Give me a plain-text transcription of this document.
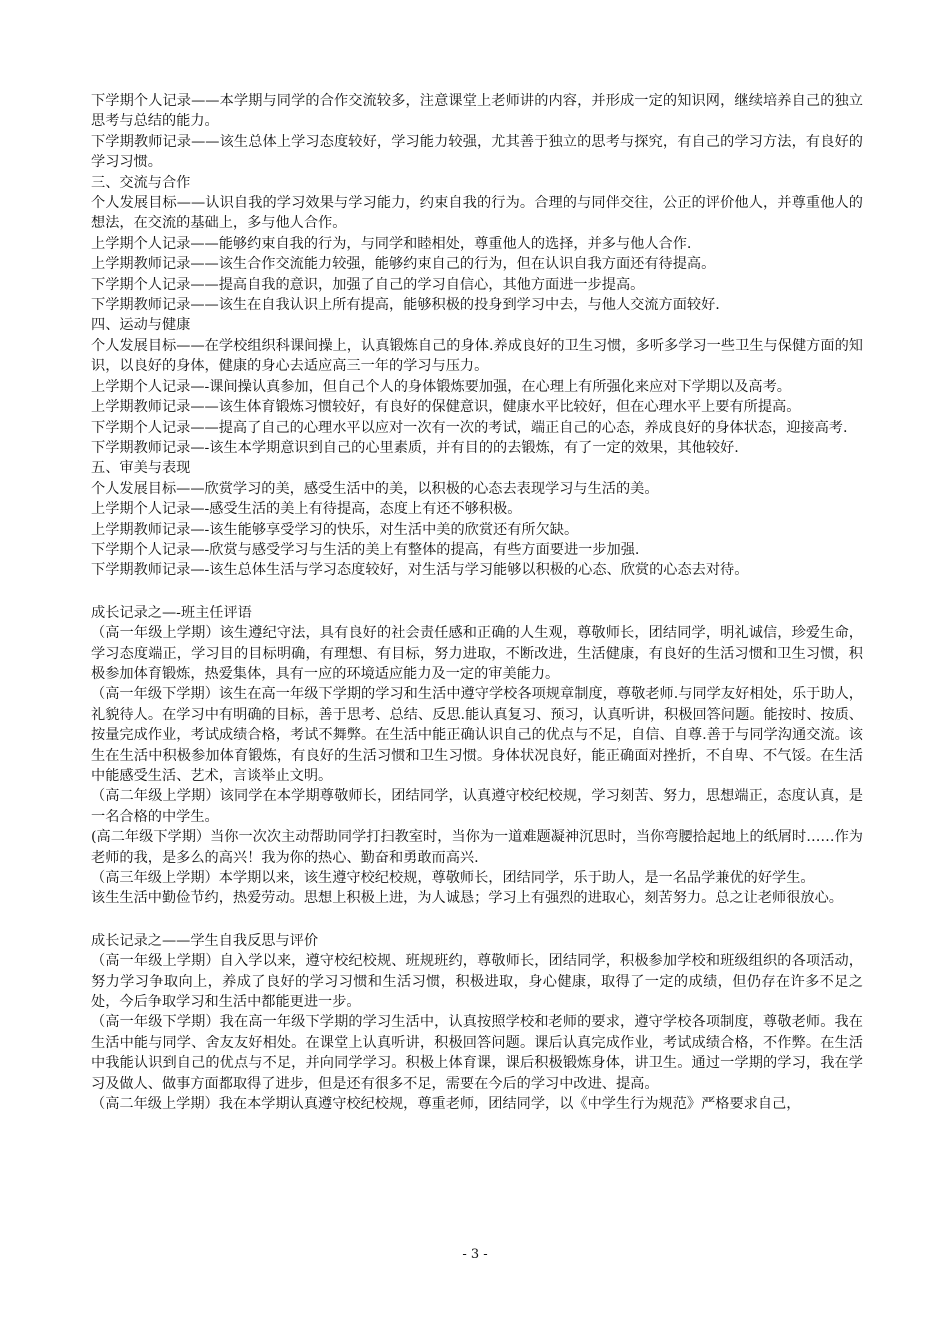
下学期个人记录——本学期与同学的合作交流较多，注意课堂上老师讲的内容，并形成一定的知识网，继续培养自己的独立思考与总结的能力。

下学期教师记录——该生总体上学习态度较好，学习能力较强，尤其善于独立的思考与探究，有自己的学习方法，有良好的学习习惯。

三、交流与合作

个人发展目标——认识自我的学习效果与学习能力，约束自我的行为。合理的与同伴交往，公正的评价他人，并尊重他人的想法，在交流的基础上，多与他人合作。

上学期个人记录——能够约束自我的行为，与同学和睦相处，尊重他人的选择，并多与他人合作.

上学期教师记录——该生合作交流能力较强，能够约束自己的行为，但在认识自我方面还有待提高。

下学期个人记录——提高自我的意识，加强了自己的学习自信心，其他方面进一步提高。

下学期教师记录——该生在自我认识上所有提高，能够积极的投身到学习中去，与他人交流方面较好.

四、运动与健康

个人发展目标——在学校组织科课间操上，认真锻炼自己的身体.养成良好的卫生习惯，多听多学习一些卫生与保健方面的知识，以良好的身体，健康的身心去适应高三一年的学习与压力。

上学期个人记录—-课间操认真参加，但自己个人的身体锻炼要加强，在心理上有所强化来应对下学期以及高考。

上学期教师记录——该生体育锻炼习惯较好，有良好的保健意识，健康水平比较好，但在心理水平上要有所提高。

下学期个人记录——提高了自己的心理水平以应对一次有一次的考试，端正自己的心态，养成良好的身体状态，迎接高考.

下学期教师记录—-该生本学期意识到自己的心里素质，并有目的的去锻炼，有了一定的效果，其他较好.

五、审美与表现

个人发展目标——欣赏学习的美，感受生活中的美，以积极的心态去表现学习与生活的美。

上学期个人记录—-感受生活的美上有待提高，态度上有还不够积极。

上学期教师记录—-该生能够享受学习的快乐，对生活中美的欣赏还有所欠缺。

下学期个人记录—-欣赏与感受学习与生活的美上有整体的提高，有些方面要进一步加强.

下学期教师记录—-该生总体生活与学习态度较好，对生活与学习能够以积极的心态、欣赏的心态去对待。

成长记录之—-班主任评语

（高一年级上学期）该生遵纪守法，具有良好的社会责任感和正确的人生观，尊敬师长，团结同学，明礼诚信，珍爱生命，学习态度端正，学习目的目标明确，有理想、有目标，努力进取，不断改进，生活健康，有良好的生活习惯和卫生习惯，积极参加体育锻炼，热爱集体，具有一应的环境适应能力及一定的审美能力。

（高一年级下学期）该生在高一年级下学期的学习和生活中遵守学校各项规章制度，尊敬老师.与同学友好相处，乐于助人，礼貌待人。在学习中有明确的目标，善于思考、总结、反思.能认真复习、预习，认真听讲，积极回答问题。能按时、按质、按量完成作业，考试成绩合格，考试不舞弊。在生活中能正确认识自己的优点与不足，自信、自尊.善于与同学沟通交流。该生在生活中积极参加体育锻炼，有良好的生活习惯和卫生习惯。身体状况良好，能正确面对挫折，不自卑、不气馁。在生活中能感受生活、艺术，言谈举止文明。

（高二年级上学期）该同学在本学期尊敬师长，团结同学，认真遵守校纪校规，学习刻苦、努力，思想端正，态度认真，是一名合格的中学生。

(高二年级下学期）当你一次次主动帮助同学打扫教室时，当你为一道难题凝神沉思时，当你弯腰拾起地上的纸屑时……作为老师的我，是多么的高兴！我为你的热心、勤奋和勇敢而高兴.

（高三年级上学期）本学期以来，该生遵守校纪校规，尊敬师长，团结同学，乐于助人，是一名品学兼优的好学生。

该生生活中勤俭节约，热爱劳动。思想上积极上进，为人诚恳；学习上有强烈的进取心，刻苦努力。总之让老师很放心。

成长记录之——学生自我反思与评价

（高一年级上学期）自入学以来，遵守校纪校规、班规班约，尊敬师长，团结同学，积极参加学校和班级组织的各项活动，努力学习争取向上，养成了良好的学习习惯和生活习惯，积极进取，身心健康，取得了一定的成绩，但仍存在许多不足之处，今后争取学习和生活中都能更进一步。

（高一年级下学期）我在高一年级下学期的学习生活中，认真按照学校和老师的要求，遵守学校各项制度，尊敬老师。我在生活中能与同学、舍友友好相处。在课堂上认真听讲，积极回答问题。课后认真完成作业，考试成绩合格，不作弊。在生活中我能认识到自己的优点与不足，并向同学学习。积极上体育课，课后积极锻炼身体，讲卫生。通过一学期的学习，我在学习及做人、做事方面都取得了进步，但是还有很多不足，需要在今后的学习中改进、提高。

（高二年级上学期）我在本学期认真遵守校纪校规，尊重老师，团结同学，以《中学生行为规范》严格要求自己，

- 3 -
